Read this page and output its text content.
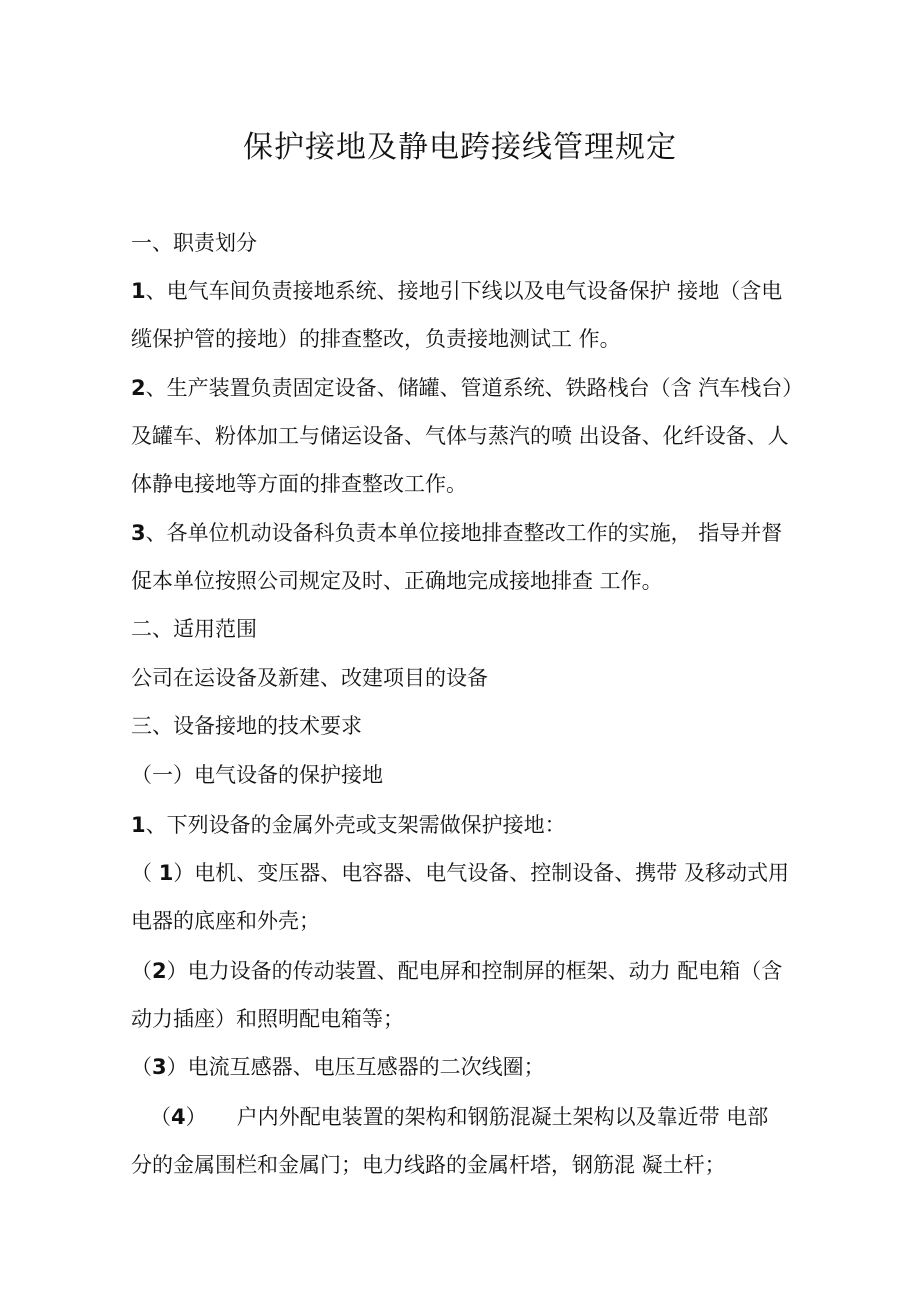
保护接地及静电跨接线管理规定
一、职责划分
1、电气车间负责接地系统、接地引下线以及电气设备保护 接地（含电
缆保护管的接地）的排查整改，负责接地测试工 作。
2、生产装置负责固定设备、储罐、管道系统、铁路栈台（含 汽车栈台）
及罐车、粉体加工与储运设备、气体与蒸汽的喷 出设备、化纤设备、人
体静电接地等方面的排查整改工作。
3、各单位机动设备科负责本单位接地排查整改工作的实施， 指导并督
促本单位按照公司规定及时、正确地完成接地排查 工作。
二、适用范围
公司在运设备及新建、改建项目的设备
三、设备接地的技术要求
（一）电气设备的保护接地
1、下列设备的金属外壳或支架需做保护接地：
（ 1）电机、变压器、电容器、电气设备、控制设备、携带 及移动式用
电器的底座和外壳；
（2）电力设备的传动装置、配电屏和控制屏的框架、动力 配电箱（含
动力插座）和照明配电箱等；
（3）电流互感器、电压互感器的二次线圈；
（4） 户内外配电装置的架构和钢筋混凝土架构以及靠近带 电部
分的金属围栏和金属门；电力线路的金属杆塔，钢筋混 凝土杆；
